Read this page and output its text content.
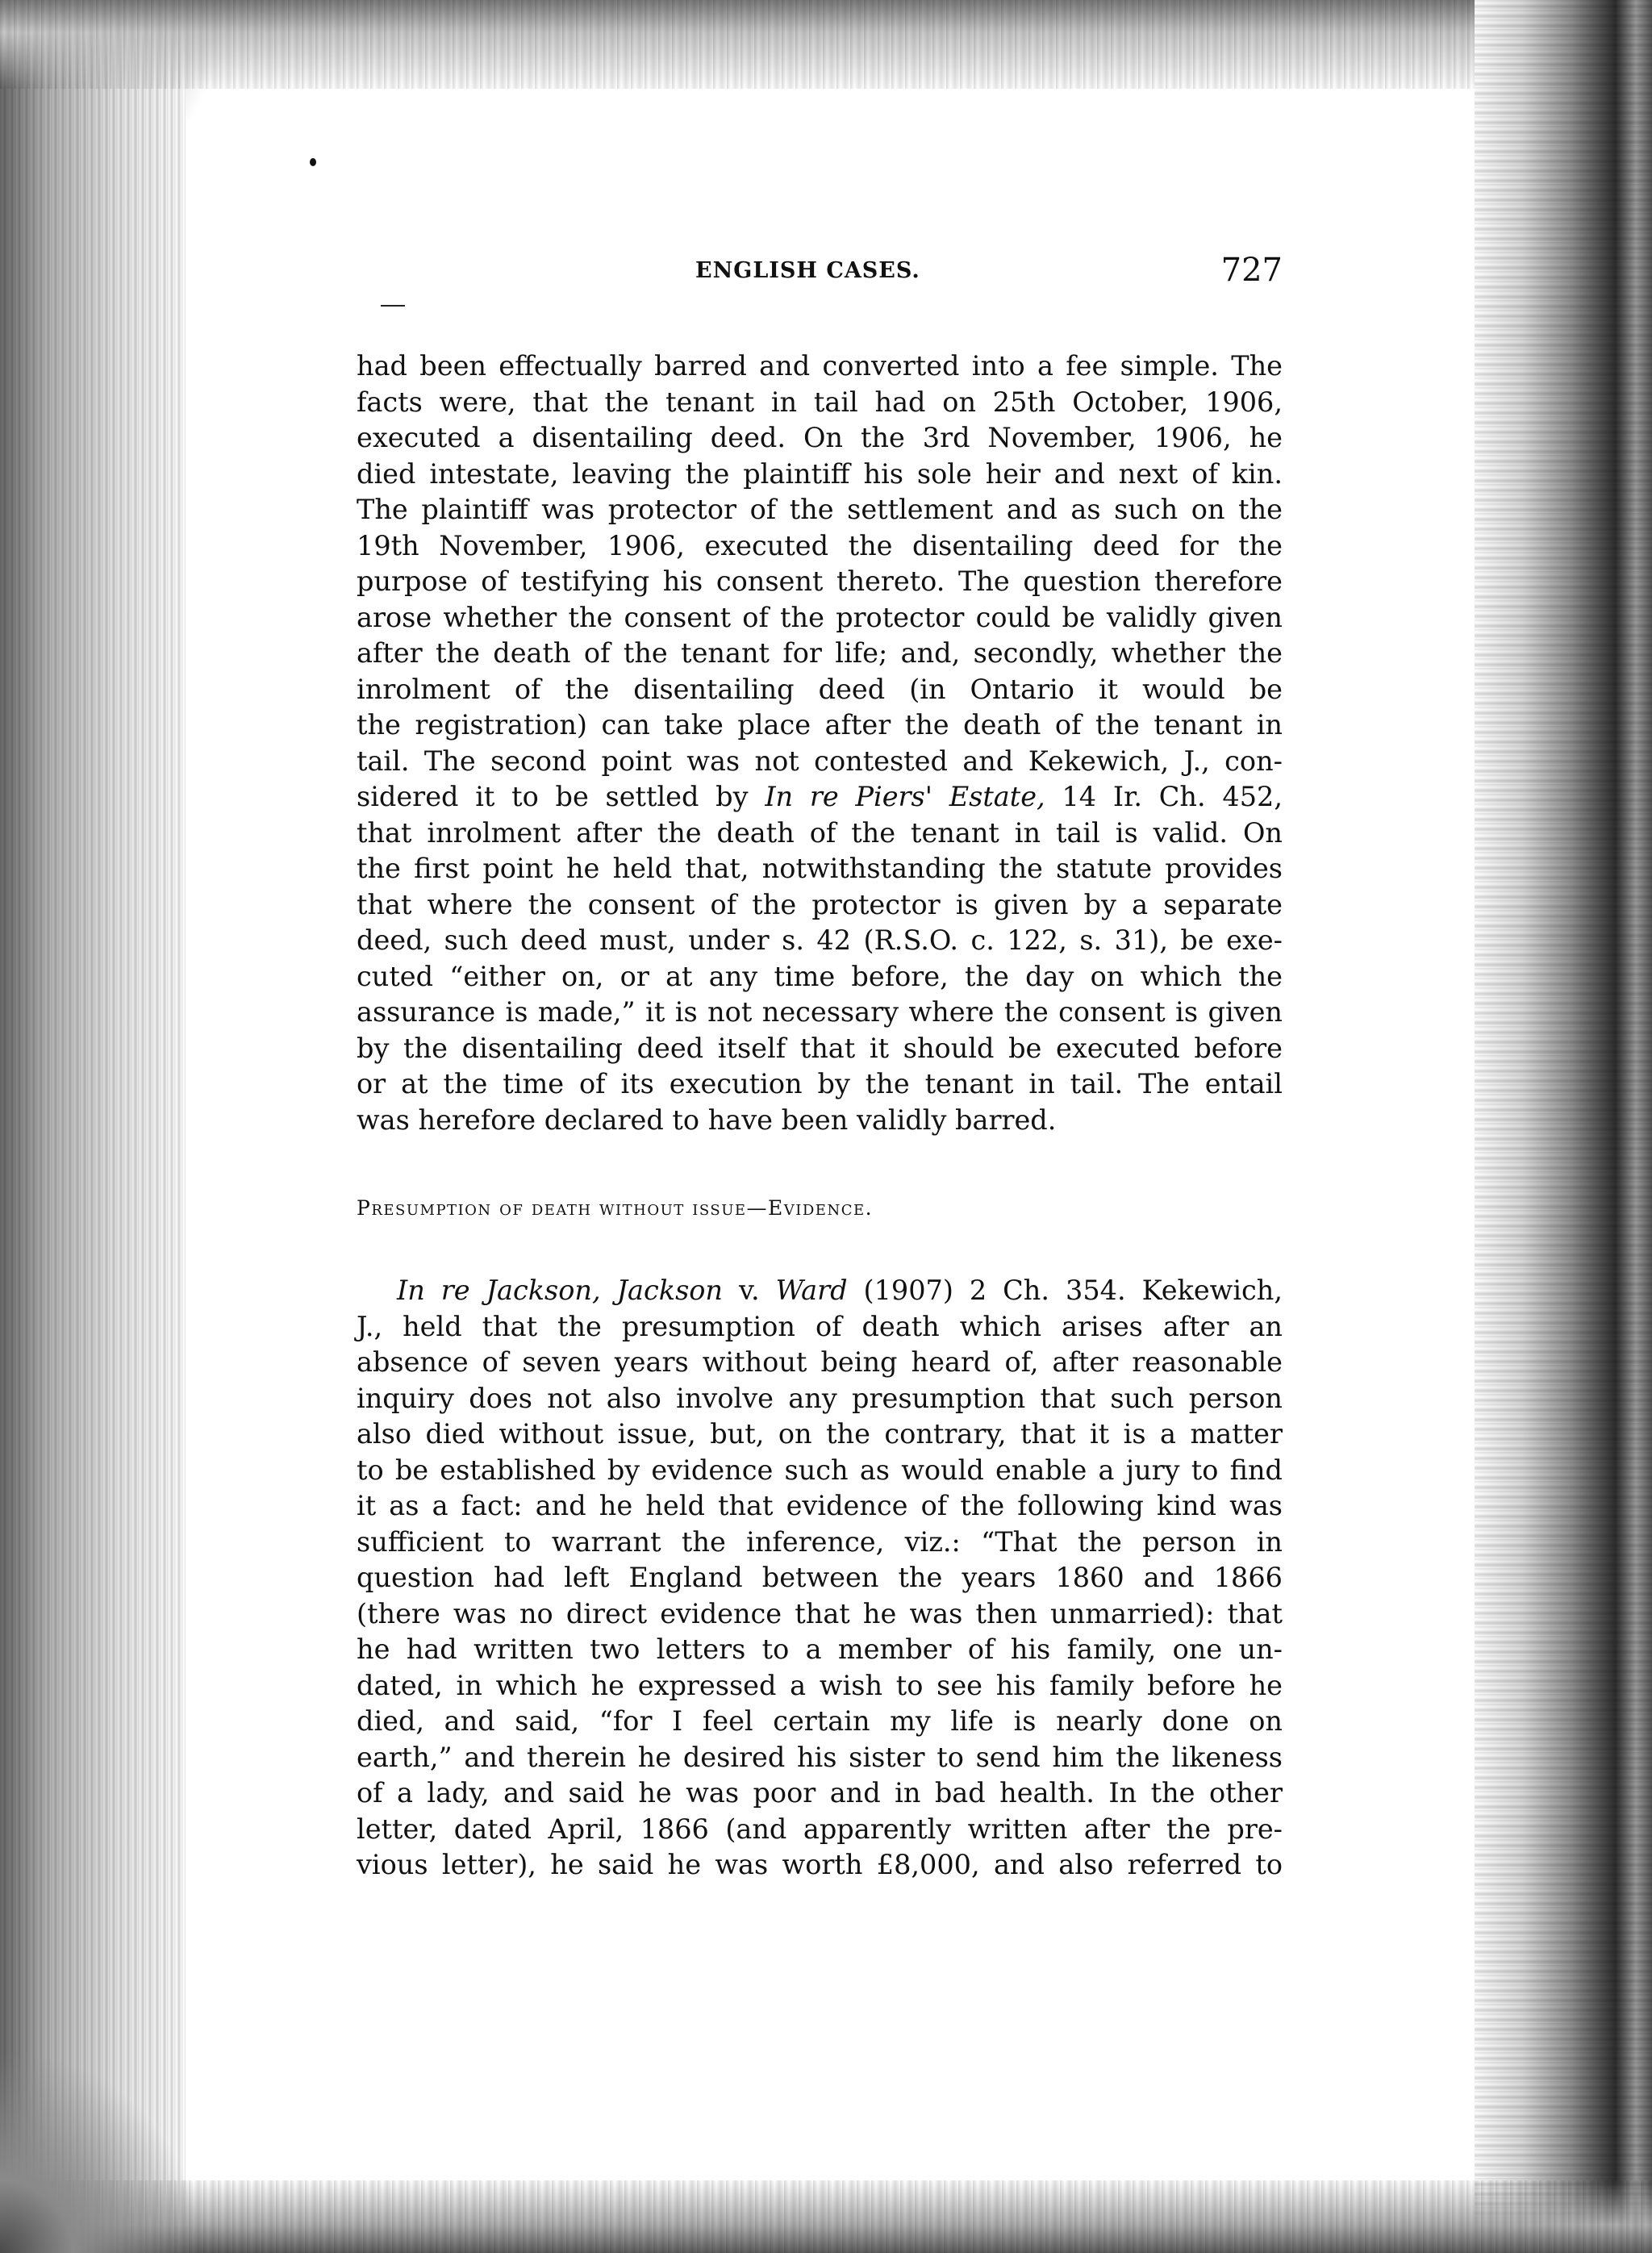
ENGLISH CASES.	727
had been effectually barred and converted into a fee simple. The
facts were, that the tenant in tail had on 25th October, 1906,
executed a disentailing deed. On the 3rd November, 1906, he
died intestate, leaving the plaintiff his sole heir and next of kin.
The plaintiff was protector of the settlement and as such on the
19th November, 1906, executed the disentailing deed for the
purpose of testifying his consent thereto. The question therefore
arose whether the consent of the protector could be validly given
after the death of the tenant for life; and, secondly, whether the
inrolment of the disentailing deed (in Ontario it would be
the registration) can take place after the death of the tenant in
tail. The second point was not contested and Kekewich, J., con-
sidered it to be settled by In re Piers' Estate, 14 Ir. Ch. 452,
that inrolment after the death of the tenant in tail is valid. On
the first point he held that, notwithstanding the statute provides
that where the consent of the protector is given by a separate
deed, such deed must, under s. 42 (R.S.O. c. 122, s. 31), be exe-
cuted “either on, or at any time before, the day on which the
assurance is made,” it is not necessary where the consent is given
by the disentailing deed itself that it should be executed before
or at the time of its execution by the tenant in tail. The entail
was herefore declared to have been validly barred.
Presumption of death without issue—Evidence.
In re Jackson, Jackson v. Ward (1907) 2 Ch. 354. Kekewich,
J., held that the presumption of death which arises after an
absence of seven years without being heard of, after reasonable
inquiry does not also involve any presumption that such person
also died without issue, but, on the contrary, that it is a matter
to be established by evidence such as would enable a jury to find
it as a fact: and he held that evidence of the following kind was
sufficient to warrant the inference, viz.: “That the person in
question had left England between the years 1860 and 1866
(there was no direct evidence that he was then unmarried): that
he had written two letters to a member of his family, one un-
dated, in which he expressed a wish to see his family before he
died, and said, “for I feel certain my life is nearly done on
earth,” and therein he desired his sister to send him the likeness
of a lady, and said he was poor and in bad health. In the other
letter, dated April, 1866 (and apparently written after the pre-
vious letter), he said he was worth £8,000, and also referred to
